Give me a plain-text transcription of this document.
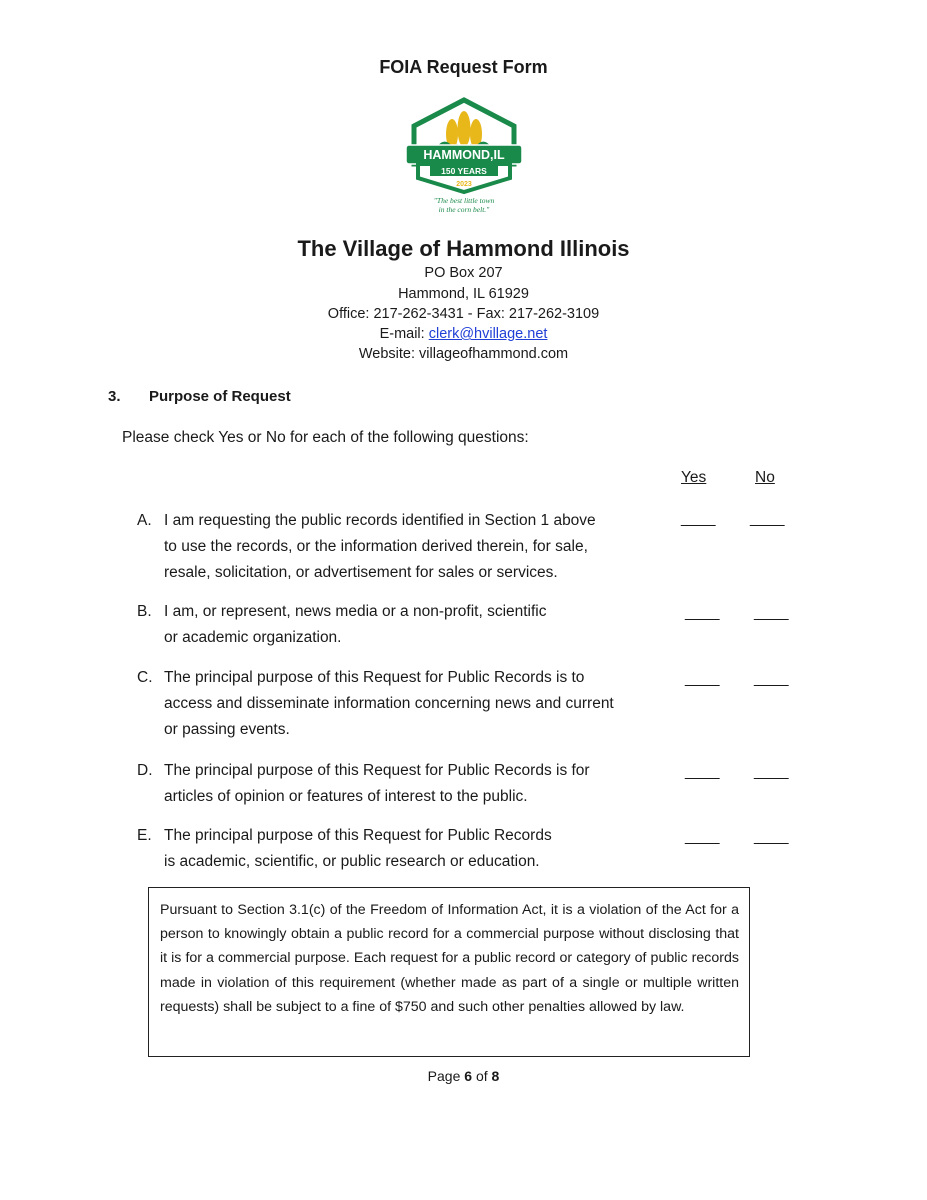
FOIA Request Form
HAMMOND,IL
150 YEARS
2023
"The best little town
in the corn belt."
The Village of Hammond Illinois
PO Box 207
Hammond, IL 61929
Office: 217-262-3431 - Fax: 217-262-3109
E-mail: clerk@hvillage.net
Website: villageofhammond.com
3. Purpose of Request
Please check Yes or No for each of the following questions:
Yes	No
A. I am requesting the public records identified in Section 1 above
to use the records, or the information derived therein, for sale,
resale, solicitation, or advertisement for sales or services.
____ ____
B. I am, or represent, news media or a non-profit, scientific
or academic organization.
____ ____
C. The principal purpose of this Request for Public Records is to
access and disseminate information concerning news and current
or passing events.
____ ____
D. The principal purpose of this Request for Public Records is for
articles of opinion or features of interest to the public.
____ ____
E. The principal purpose of this Request for Public Records
is academic, scientific, or public research or education.
____ ____
Pursuant to Section 3.1(c) of the Freedom of Information Act, it is a violation of the Act for a person to knowingly obtain a public record for a commercial purpose without disclosing that it is for a commercial purpose. Each request for a public record or category of public records made in violation of this requirement (whether made as part of a single or multiple written requests) shall be subject to a fine of $750 and such other penalties allowed by law.
Page 6 of 8
